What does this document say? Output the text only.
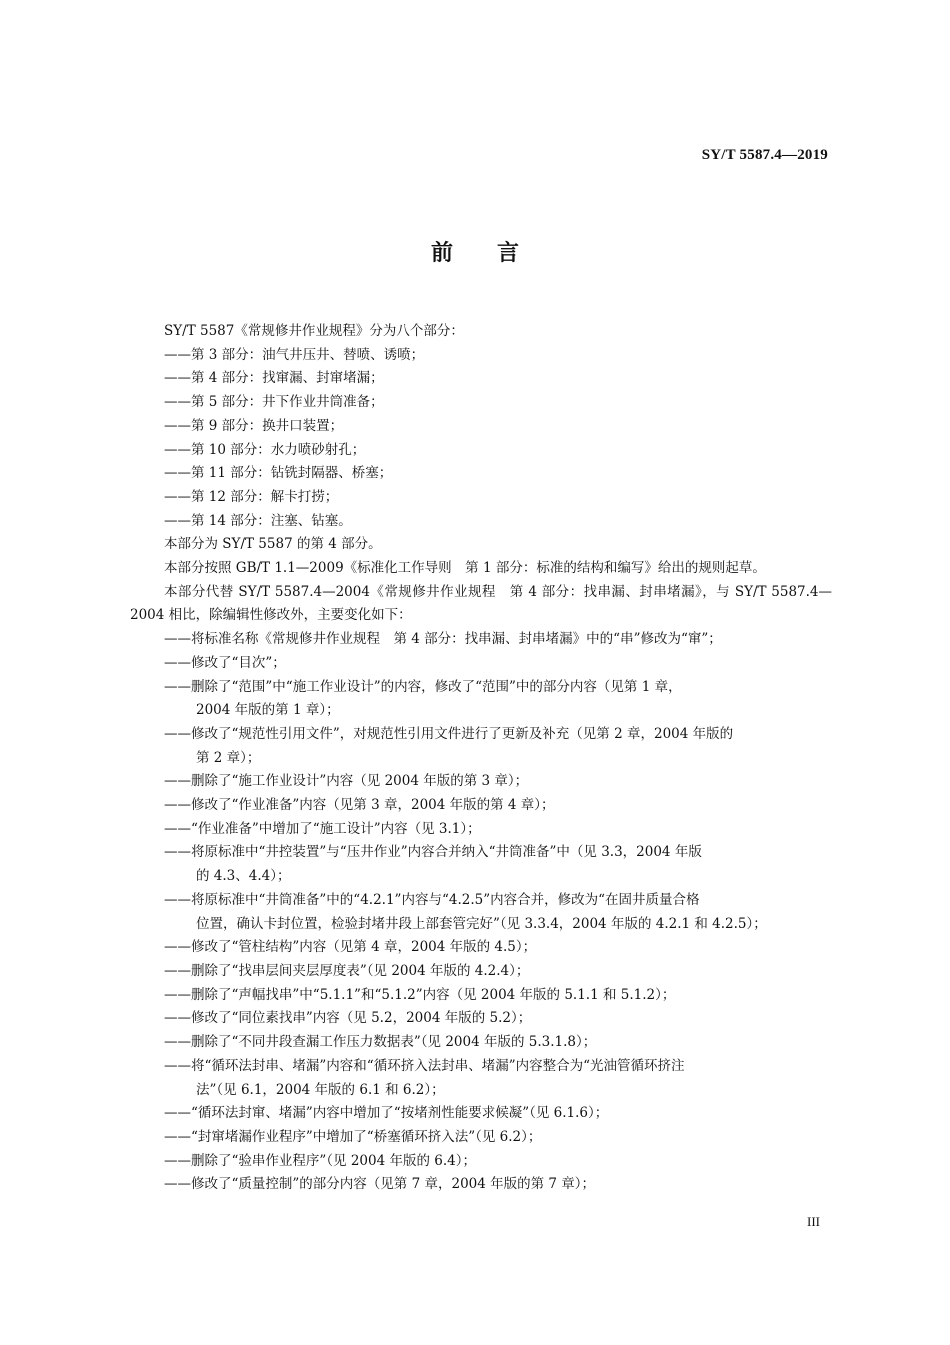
SY/T 5587.4—2019
前言
SY/T 5587《常规修井作业规程》分为八个部分：
——第 3 部分：油气井压井、替喷、诱喷；
——第 4 部分：找窜漏、封窜堵漏；
——第 5 部分：井下作业井筒准备；
——第 9 部分：换井口装置；
——第 10 部分：水力喷砂射孔；
——第 11 部分：钻铣封隔器、桥塞；
——第 12 部分：解卡打捞；
——第 14 部分：注塞、钻塞。
本部分为 SY/T 5587 的第 4 部分。
本部分按照 GB/T 1.1—2009《标准化工作导则　第 1 部分：标准的结构和编写》给出的规则起草。
本部分代替 SY/T 5587.4—2004《常规修井作业规程　第 4 部分：找串漏、封串堵漏》，与 SY/T 5587.4—2004 相比，除编辑性修改外，主要变化如下：
——将标准名称《常规修井作业规程　第 4 部分：找串漏、封串堵漏》中的“串”修改为“窜”；
——修改了“目次”；
——删除了“范围”中“施工作业设计”的内容，修改了“范围”中的部分内容（见第 1 章，
2004 年版的第 1 章）；
——修改了“规范性引用文件”，对规范性引用文件进行了更新及补充（见第 2 章，2004 年版的
第 2 章）；
——删除了“施工作业设计”内容（见 2004 年版的第 3 章）；
——修改了“作业准备”内容（见第 3 章，2004 年版的第 4 章）；
——“作业准备”中增加了“施工设计”内容（见 3.1）；
——将原标准中“井控装置”与“压井作业”内容合并纳入“井筒准备”中（见 3.3，2004 年版
的 4.3、4.4）；
——将原标准中“井筒准备”中的“4.2.1”内容与“4.2.5”内容合并，修改为“在固井质量合格
位置，确认卡封位置，检验封堵井段上部套管完好”（见 3.3.4，2004 年版的 4.2.1 和 4.2.5）；
——修改了“管柱结构”内容（见第 4 章，2004 年版的 4.5）；
——删除了“找串层间夹层厚度表”（见 2004 年版的 4.2.4）；
——删除了“声幅找串”中“5.1.1”和“5.1.2”内容（见 2004 年版的 5.1.1 和 5.1.2）；
——修改了“同位素找串”内容（见 5.2，2004 年版的 5.2）；
——删除了“不同井段查漏工作压力数据表”（见 2004 年版的 5.3.1.8）；
——将“循环法封串、堵漏”内容和“循环挤入法封串、堵漏”内容整合为“光油管循环挤注
法”（见 6.1，2004 年版的 6.1 和 6.2）；
——“循环法封窜、堵漏”内容中增加了“按堵剂性能要求候凝”（见 6.1.6）；
——“封窜堵漏作业程序”中增加了“桥塞循环挤入法”（见 6.2）；
——删除了“验串作业程序”（见 2004 年版的 6.4）；
——修改了“质量控制”的部分内容（见第 7 章，2004 年版的第 7 章）；
III
